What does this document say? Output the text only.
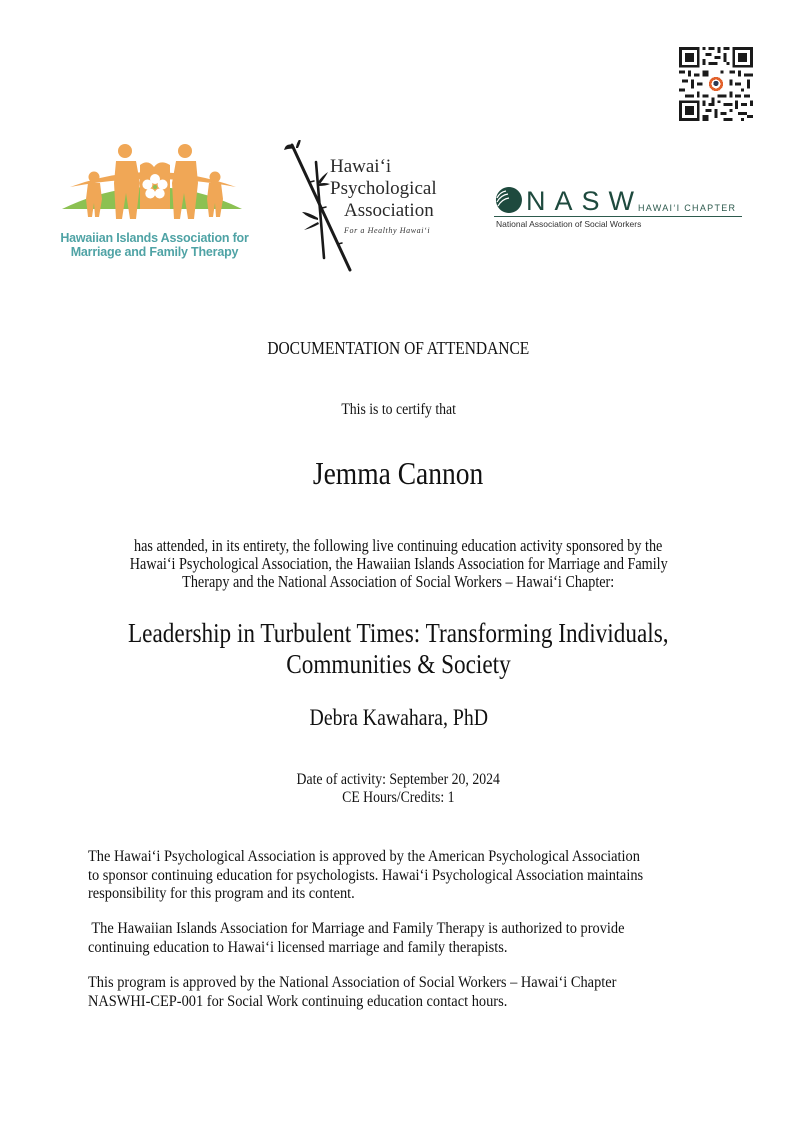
Hawaiian Islands Association for
Marriage and Family Therapy
Hawaiʻi
Psychological
Association
For a Healthy Hawaiʻi
NASW
HAWAIʻI CHAPTER
National Association of Social Workers
DOCUMENTATION OF ATTENDANCE
This is to certify that
Jemma Cannon
has attended, in its entirety, the following live continuing education activity sponsored by the
Hawaiʻi Psychological Association, the Hawaiian Islands Association for Marriage and Family
Therapy and the National Association of Social Workers – Hawaiʻi Chapter:
Leadership in Turbulent Times: Transforming Individuals,
Communities & Society
Debra Kawahara, PhD
Date of activity: September 20, 2024
CE Hours/Credits: 1
The Hawaiʻi Psychological Association is approved by the American Psychological Association
to sponsor continuing education for psychologists. Hawaiʻi Psychological Association maintains
responsibility for this program and its content.
The Hawaiian Islands Association for Marriage and Family Therapy is authorized to provide
continuing education to Hawaiʻi licensed marriage and family therapists.
This program is approved by the National Association of Social Workers – Hawaiʻi Chapter
NASWHI-CEP-001 for Social Work continuing education contact hours.
